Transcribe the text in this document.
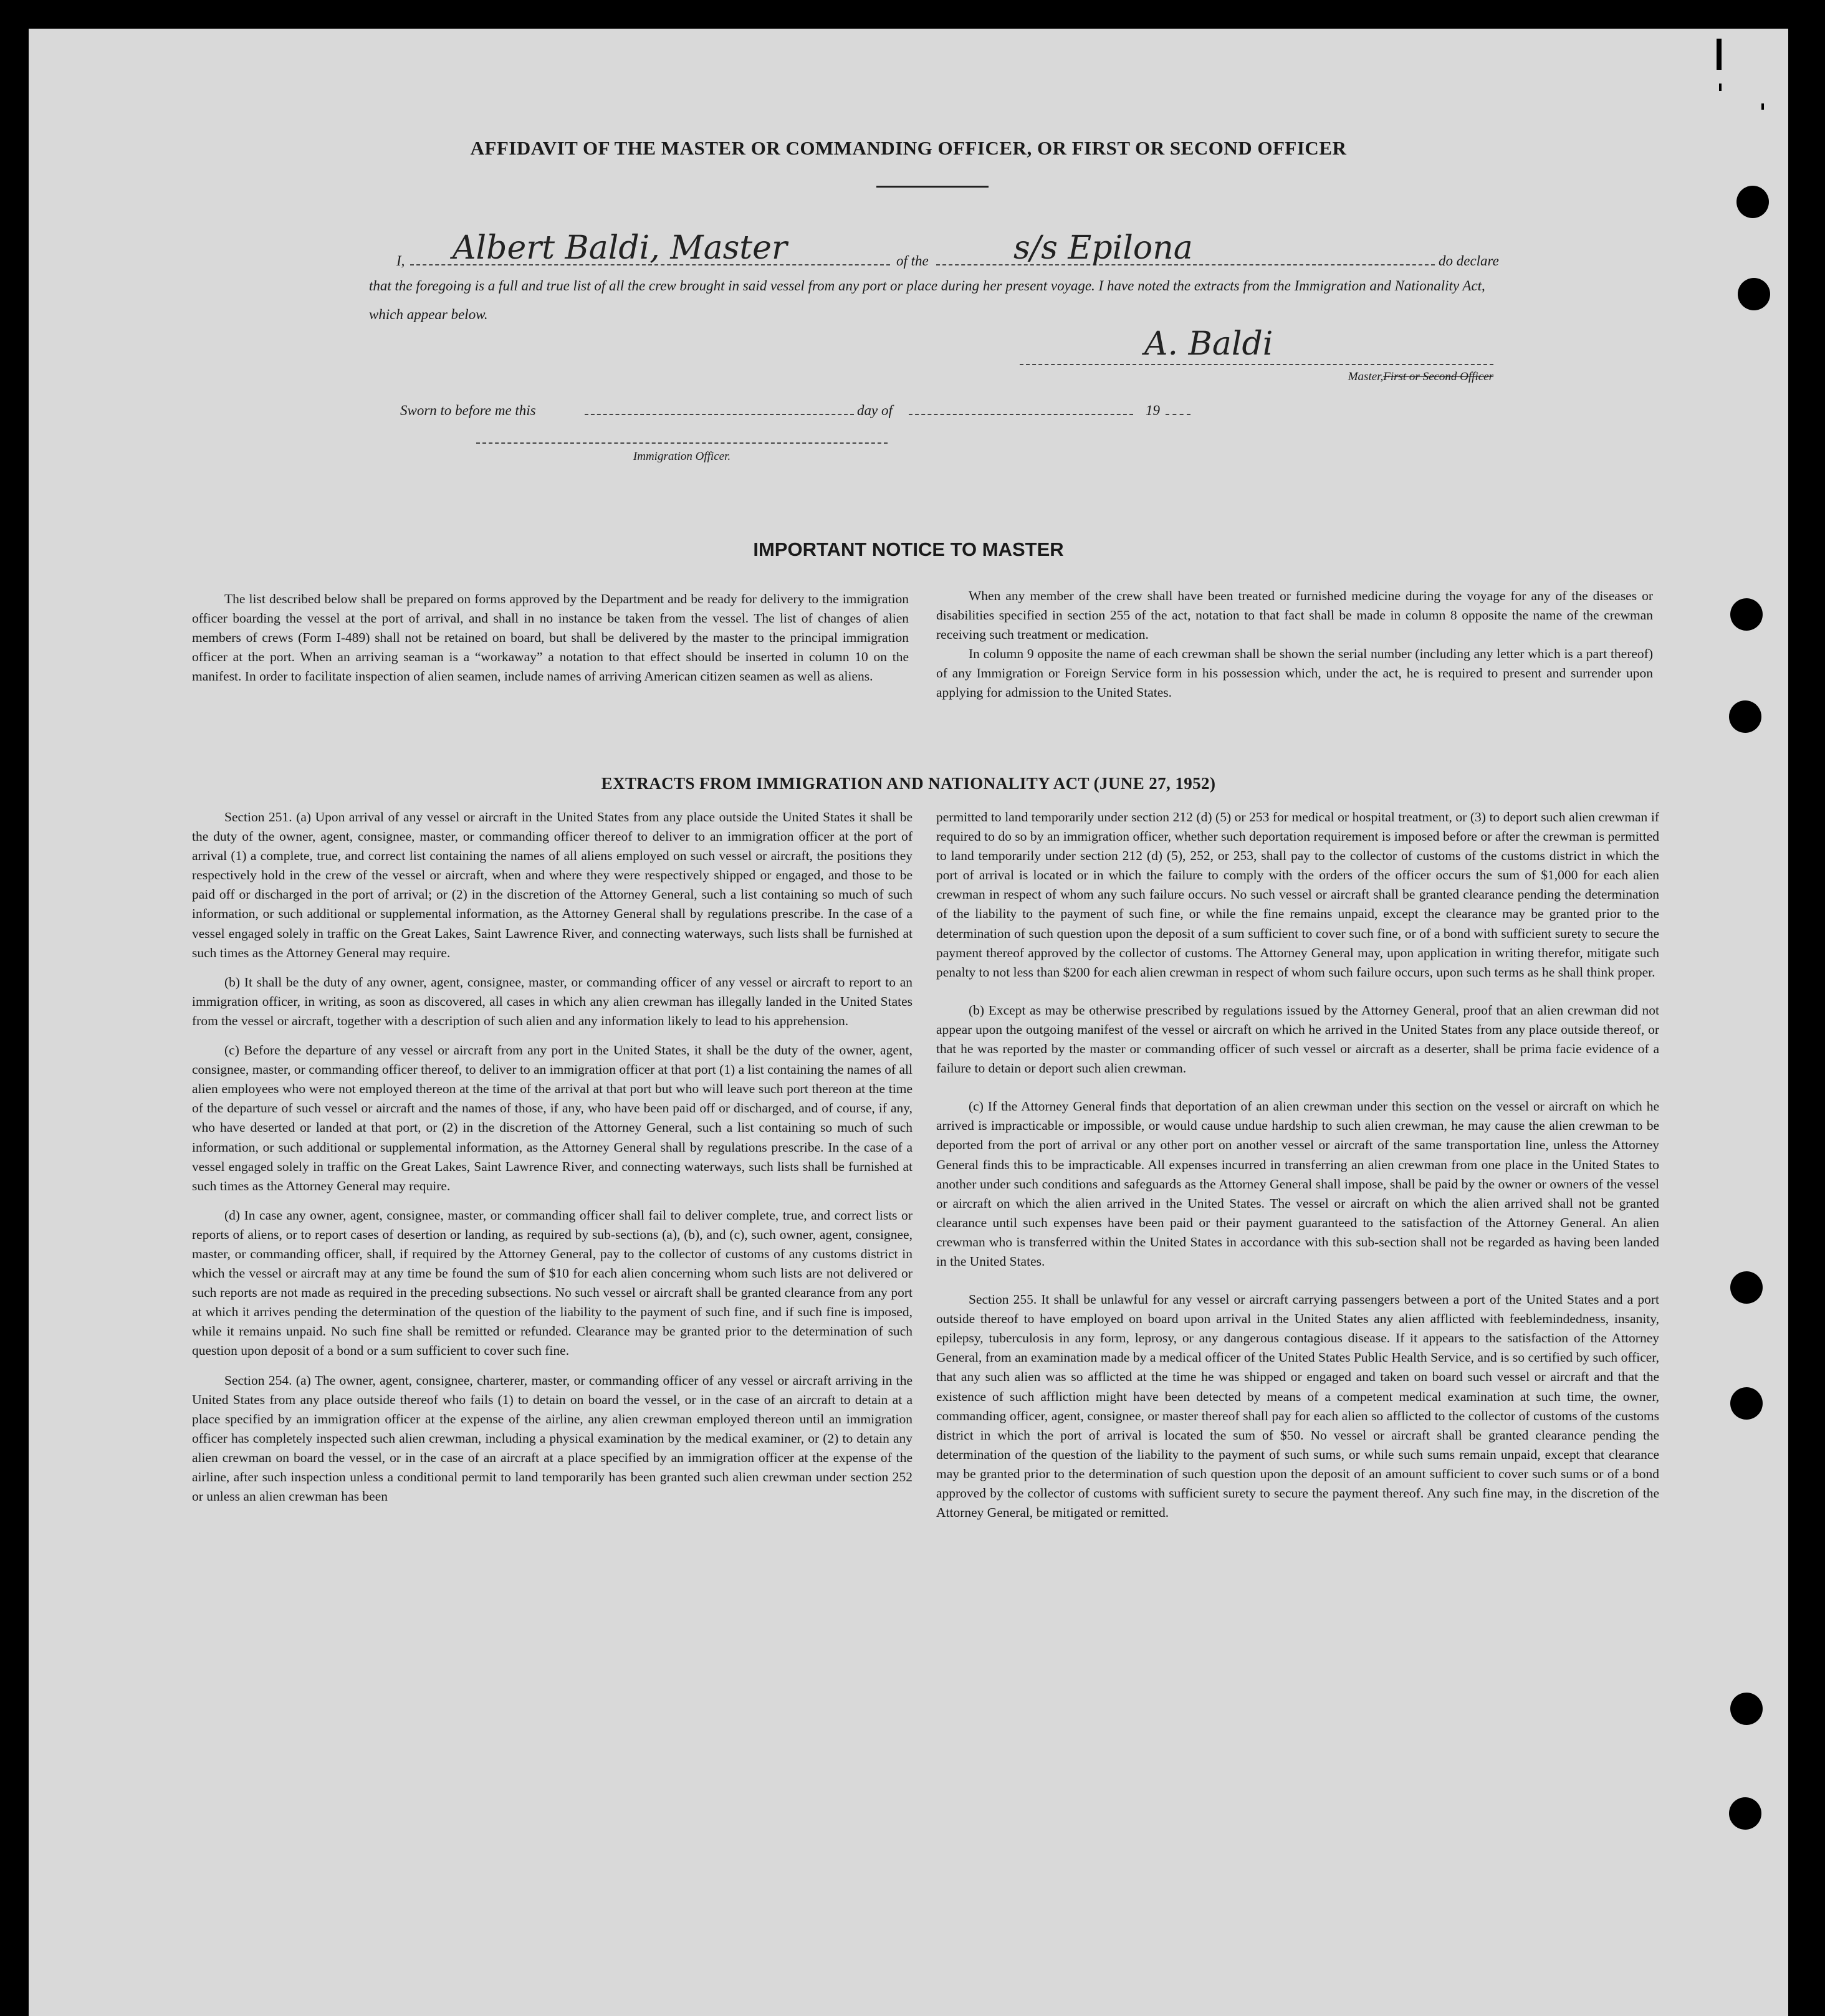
AFFIDAVIT OF THE MASTER OR COMMANDING OFFICER, OR FIRST OR SECOND OFFICER
I, Albert Baldi, Master	of the	s/s Epilona	do declare
that the foregoing is a full and true list of all the crew brought in said vessel from any port or place during her present voyage. I have noted the extracts from the Immigration and Nationality Act, which appear below.
A. Baldi
Master,First or Second Officer
Sworn to before me this	day of	19
Immigration Officer.
IMPORTANT NOTICE TO MASTER

The list described below shall be prepared on forms approved by the Department and be ready for delivery to the immigration officer boarding the vessel at the port of arrival, and shall in no instance be taken from the vessel. The list of changes of alien members of crews (Form I-489) shall not be retained on board, but shall be delivered by the master to the principal immigration officer at the port. When an arriving seaman is a “workaway” a notation to that effect should be inserted in column 10 on the manifest. In order to facilitate inspection of alien seamen, include names of arriving American citizen seamen as well as aliens.

When any member of the crew shall have been treated or furnished medicine during the voyage for any of the diseases or disabilities specified in section 255 of the act, notation to that fact shall be made in column 8 opposite the name of the crewman receiving such treatment or medication.

In column 9 opposite the name of each crewman shall be shown the serial number (including any letter which is a part thereof) of any Immigration or Foreign Service form in his possession which, under the act, he is required to present and surrender upon applying for admission to the United States.

EXTRACTS FROM IMMIGRATION AND NATIONALITY ACT (JUNE 27, 1952)

Section 251. (a) Upon arrival of any vessel or aircraft in the United States from any place outside the United States it shall be the duty of the owner, agent, consignee, master, or commanding officer thereof to deliver to an immigration officer at the port of arrival (1) a complete, true, and correct list containing the names of all aliens employed on such vessel or aircraft, the positions they respectively hold in the crew of the vessel or aircraft, when and where they were respectively shipped or engaged, and those to be paid off or discharged in the port of arrival; or (2) in the discretion of the Attorney General, such a list containing so much of such information, or such additional or supplemental information, as the Attorney General shall by regulations prescribe. In the case of a vessel engaged solely in traffic on the Great Lakes, Saint Lawrence River, and connecting waterways, such lists shall be furnished at such times as the Attorney General may require.

(b) It shall be the duty of any owner, agent, consignee, master, or commanding officer of any vessel or aircraft to report to an immigration officer, in writing, as soon as discovered, all cases in which any alien crewman has illegally landed in the United States from the vessel or aircraft, together with a description of such alien and any information likely to lead to his apprehension.

(c) Before the departure of any vessel or aircraft from any port in the United States, it shall be the duty of the owner, agent, consignee, master, or commanding officer thereof, to deliver to an immigration officer at that port (1) a list containing the names of all alien employees who were not employed thereon at the time of the arrival at that port but who will leave such port thereon at the time of the departure of such vessel or aircraft and the names of those, if any, who have been paid off or discharged, and of course, if any, who have deserted or landed at that port, or (2) in the discretion of the Attorney General, such a list containing so much of such information, or such additional or supplemental information, as the Attorney General shall by regulations prescribe. In the case of a vessel engaged solely in traffic on the Great Lakes, Saint Lawrence River, and connecting waterways, such lists shall be furnished at such times as the Attorney General may require.

(d) In case any owner, agent, consignee, master, or commanding officer shall fail to deliver complete, true, and correct lists or reports of aliens, or to report cases of desertion or landing, as required by sub-sections (a), (b), and (c), such owner, agent, consignee, master, or commanding officer, shall, if required by the Attorney General, pay to the collector of customs of any customs district in which the vessel or aircraft may at any time be found the sum of $10 for each alien concerning whom such lists are not delivered or such reports are not made as required in the preceding subsections. No such vessel or aircraft shall be granted clearance from any port at which it arrives pending the determination of the question of the liability to the payment of such fine, and if such fine is imposed, while it remains unpaid. No such fine shall be remitted or refunded. Clearance may be granted prior to the determination of such question upon deposit of a bond or a sum sufficient to cover such fine.

Section 254. (a) The owner, agent, consignee, charterer, master, or commanding officer of any vessel or aircraft arriving in the United States from any place outside thereof who fails (1) to detain on board the vessel, or in the case of an aircraft to detain at a place specified by an immigration officer at the expense of the airline, any alien crewman employed thereon until an immigration officer has completely inspected such alien crewman, including a physical examination by the medical examiner, or (2) to detain any alien crewman on board the vessel, or in the case of an aircraft at a place specified by an immigration officer at the expense of the airline, after such inspection unless a conditional permit to land temporarily has been granted such alien crewman under section 252 or unless an alien crewman has been

permitted to land temporarily under section 212 (d) (5) or 253 for medical or hospital treatment, or (3) to deport such alien crewman if required to do so by an immigration officer, whether such deportation requirement is imposed before or after the crewman is permitted to land temporarily under section 212 (d) (5), 252, or 253, shall pay to the collector of customs of the customs district in which the port of arrival is located or in which the failure to comply with the orders of the officer occurs the sum of $1,000 for each alien crewman in respect of whom any such failure occurs. No such vessel or aircraft shall be granted clearance pending the determination of the liability to the payment of such fine, or while the fine remains unpaid, except the clearance may be granted prior to the determination of such question upon the deposit of a sum sufficient to cover such fine, or of a bond with sufficient surety to secure the payment thereof approved by the collector of customs. The Attorney General may, upon application in writing therefor, mitigate such penalty to not less than $200 for each alien crewman in respect of whom such failure occurs, upon such terms as he shall think proper.

(b) Except as may be otherwise prescribed by regulations issued by the Attorney General, proof that an alien crewman did not appear upon the outgoing manifest of the vessel or aircraft on which he arrived in the United States from any place outside thereof, or that he was reported by the master or commanding officer of such vessel or aircraft as a deserter, shall be prima facie evidence of a failure to detain or deport such alien crewman.

(c) If the Attorney General finds that deportation of an alien crewman under this section on the vessel or aircraft on which he arrived is impracticable or impossible, or would cause undue hardship to such alien crewman, he may cause the alien crewman to be deported from the port of arrival or any other port on another vessel or aircraft of the same transportation line, unless the Attorney General finds this to be impracticable. All expenses incurred in transferring an alien crewman from one place in the United States to another under such conditions and safeguards as the Attorney General shall impose, shall be paid by the owner or owners of the vessel or aircraft on which the alien arrived in the United States. The vessel or aircraft on which the alien arrived shall not be granted clearance until such expenses have been paid or their payment guaranteed to the satisfaction of the Attorney General. An alien crewman who is transferred within the United States in accordance with this sub-section shall not be regarded as having been landed in the United States.

Section 255. It shall be unlawful for any vessel or aircraft carrying passengers between a port of the United States and a port outside thereof to have employed on board upon arrival in the United States any alien afflicted with feeblemindedness, insanity, epilepsy, tuberculosis in any form, leprosy, or any dangerous contagious disease. If it appears to the satisfaction of the Attorney General, from an examination made by a medical officer of the United States Public Health Service, and is so certified by such officer, that any such alien was so afflicted at the time he was shipped or engaged and taken on board such vessel or aircraft and that the existence of such affliction might have been detected by means of a competent medical examination at such time, the owner, commanding officer, agent, consignee, or master thereof shall pay for each alien so afflicted to the collector of customs of the customs district in which the port of arrival is located the sum of $50. No vessel or aircraft shall be granted clearance pending the determination of the question of the liability to the payment of such sums, or while such sums remain unpaid, except that clearance may be granted prior to the determination of such question upon the deposit of an amount sufficient to cover such sums or of a bond approved by the collector of customs with sufficient surety to secure the payment thereof. Any such fine may, in the discretion of the Attorney General, be mitigated or remitted.
